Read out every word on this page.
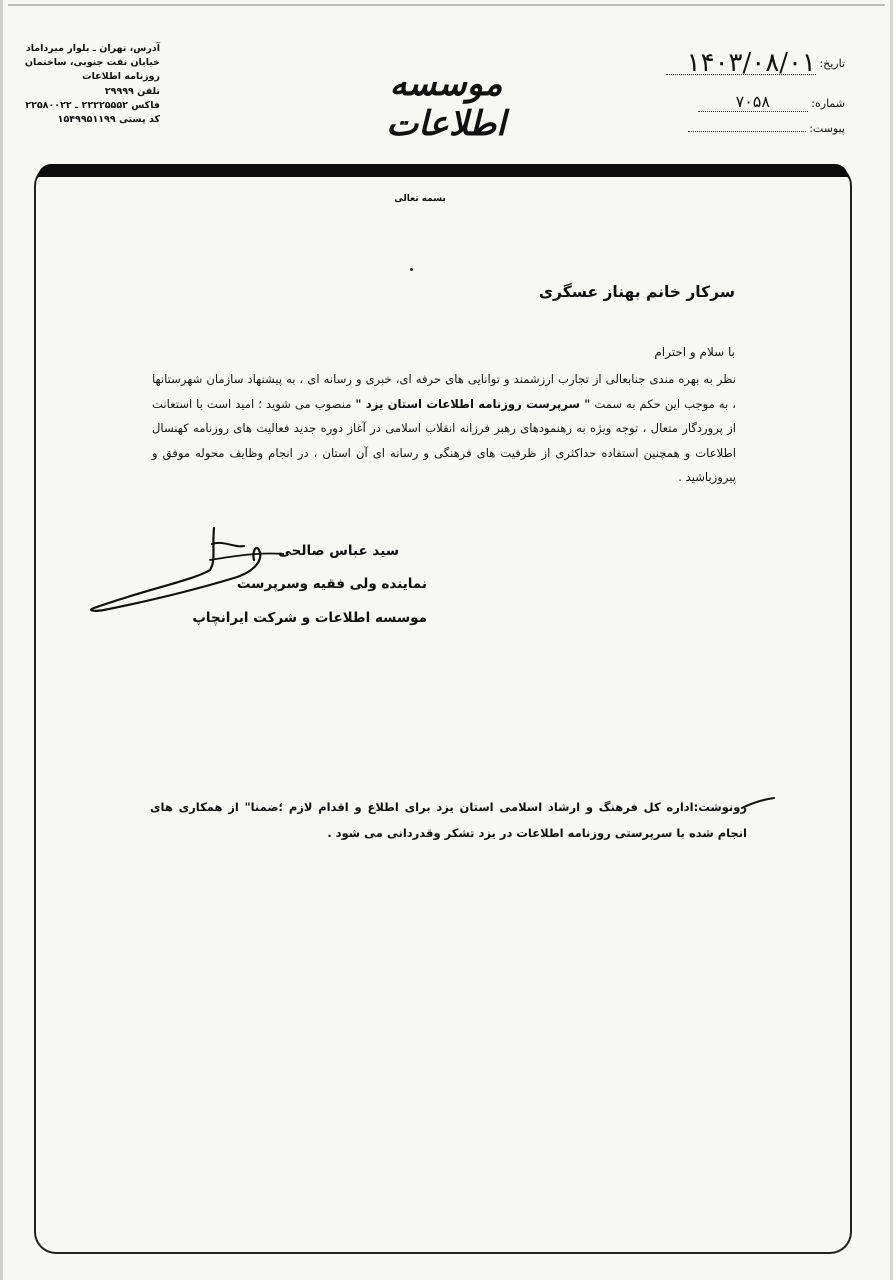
تاریخ: ۱۴۰۳/۰۸/۰۱
شماره: ۷۰۵۸
پیوست:
موسسه اطلاعات
آدرس، تهران ـ بلوار میرداماد
خیابان نفت جنوبی، ساختمان
روزنامه اطلاعات
تلفن ۲۹۹۹۹
فاکس ۲۲۲۲۵۵۵۲ ـ ۲۲۵۸۰۰۲۲
کد پستی ۱۵۴۹۹۵۱۱۹۹
بسمه تعالی
سرکار خانم بهناز عسگری
با سلام و احترام

نظر به بهره مندی جنابعالی از تجارب ارزشمند و توانایی های حرفه ای، خبری و رسانه ای ، به پیشنهاد سازمان شهرستانها ، به موجب این حکم به سمت " سرپرست روزنامه اطلاعات استان یزد " منصوب می شوید ؛ امید است با استعانت از پروردگار متعال ، توجه ویژه به رهنمودهای رهبر فرزانه انقلاب اسلامی در آغاز دوره جدید فعالیت های روزنامه کهنسال اطلاعات و همچنین استفاده حداکثری از ظرفیت های فرهنگی و رسانه ای آن استان ، در انجام وظایف محوله موفق و پیروزباشید .

سید عباس صالحی
نماینده ولی فقیه وسرپرست
موسسه اطلاعات و شرکت ایرانچاپ
رونوشت:اداره کل فرهنگ و ارشاد اسلامی استان یزد برای اطلاع و اقدام لازم ؛ضمنا" از همکاری های انجام شده با سرپرستی روزنامه اطلاعات در یزد تشکر وقدردانی می شود .
